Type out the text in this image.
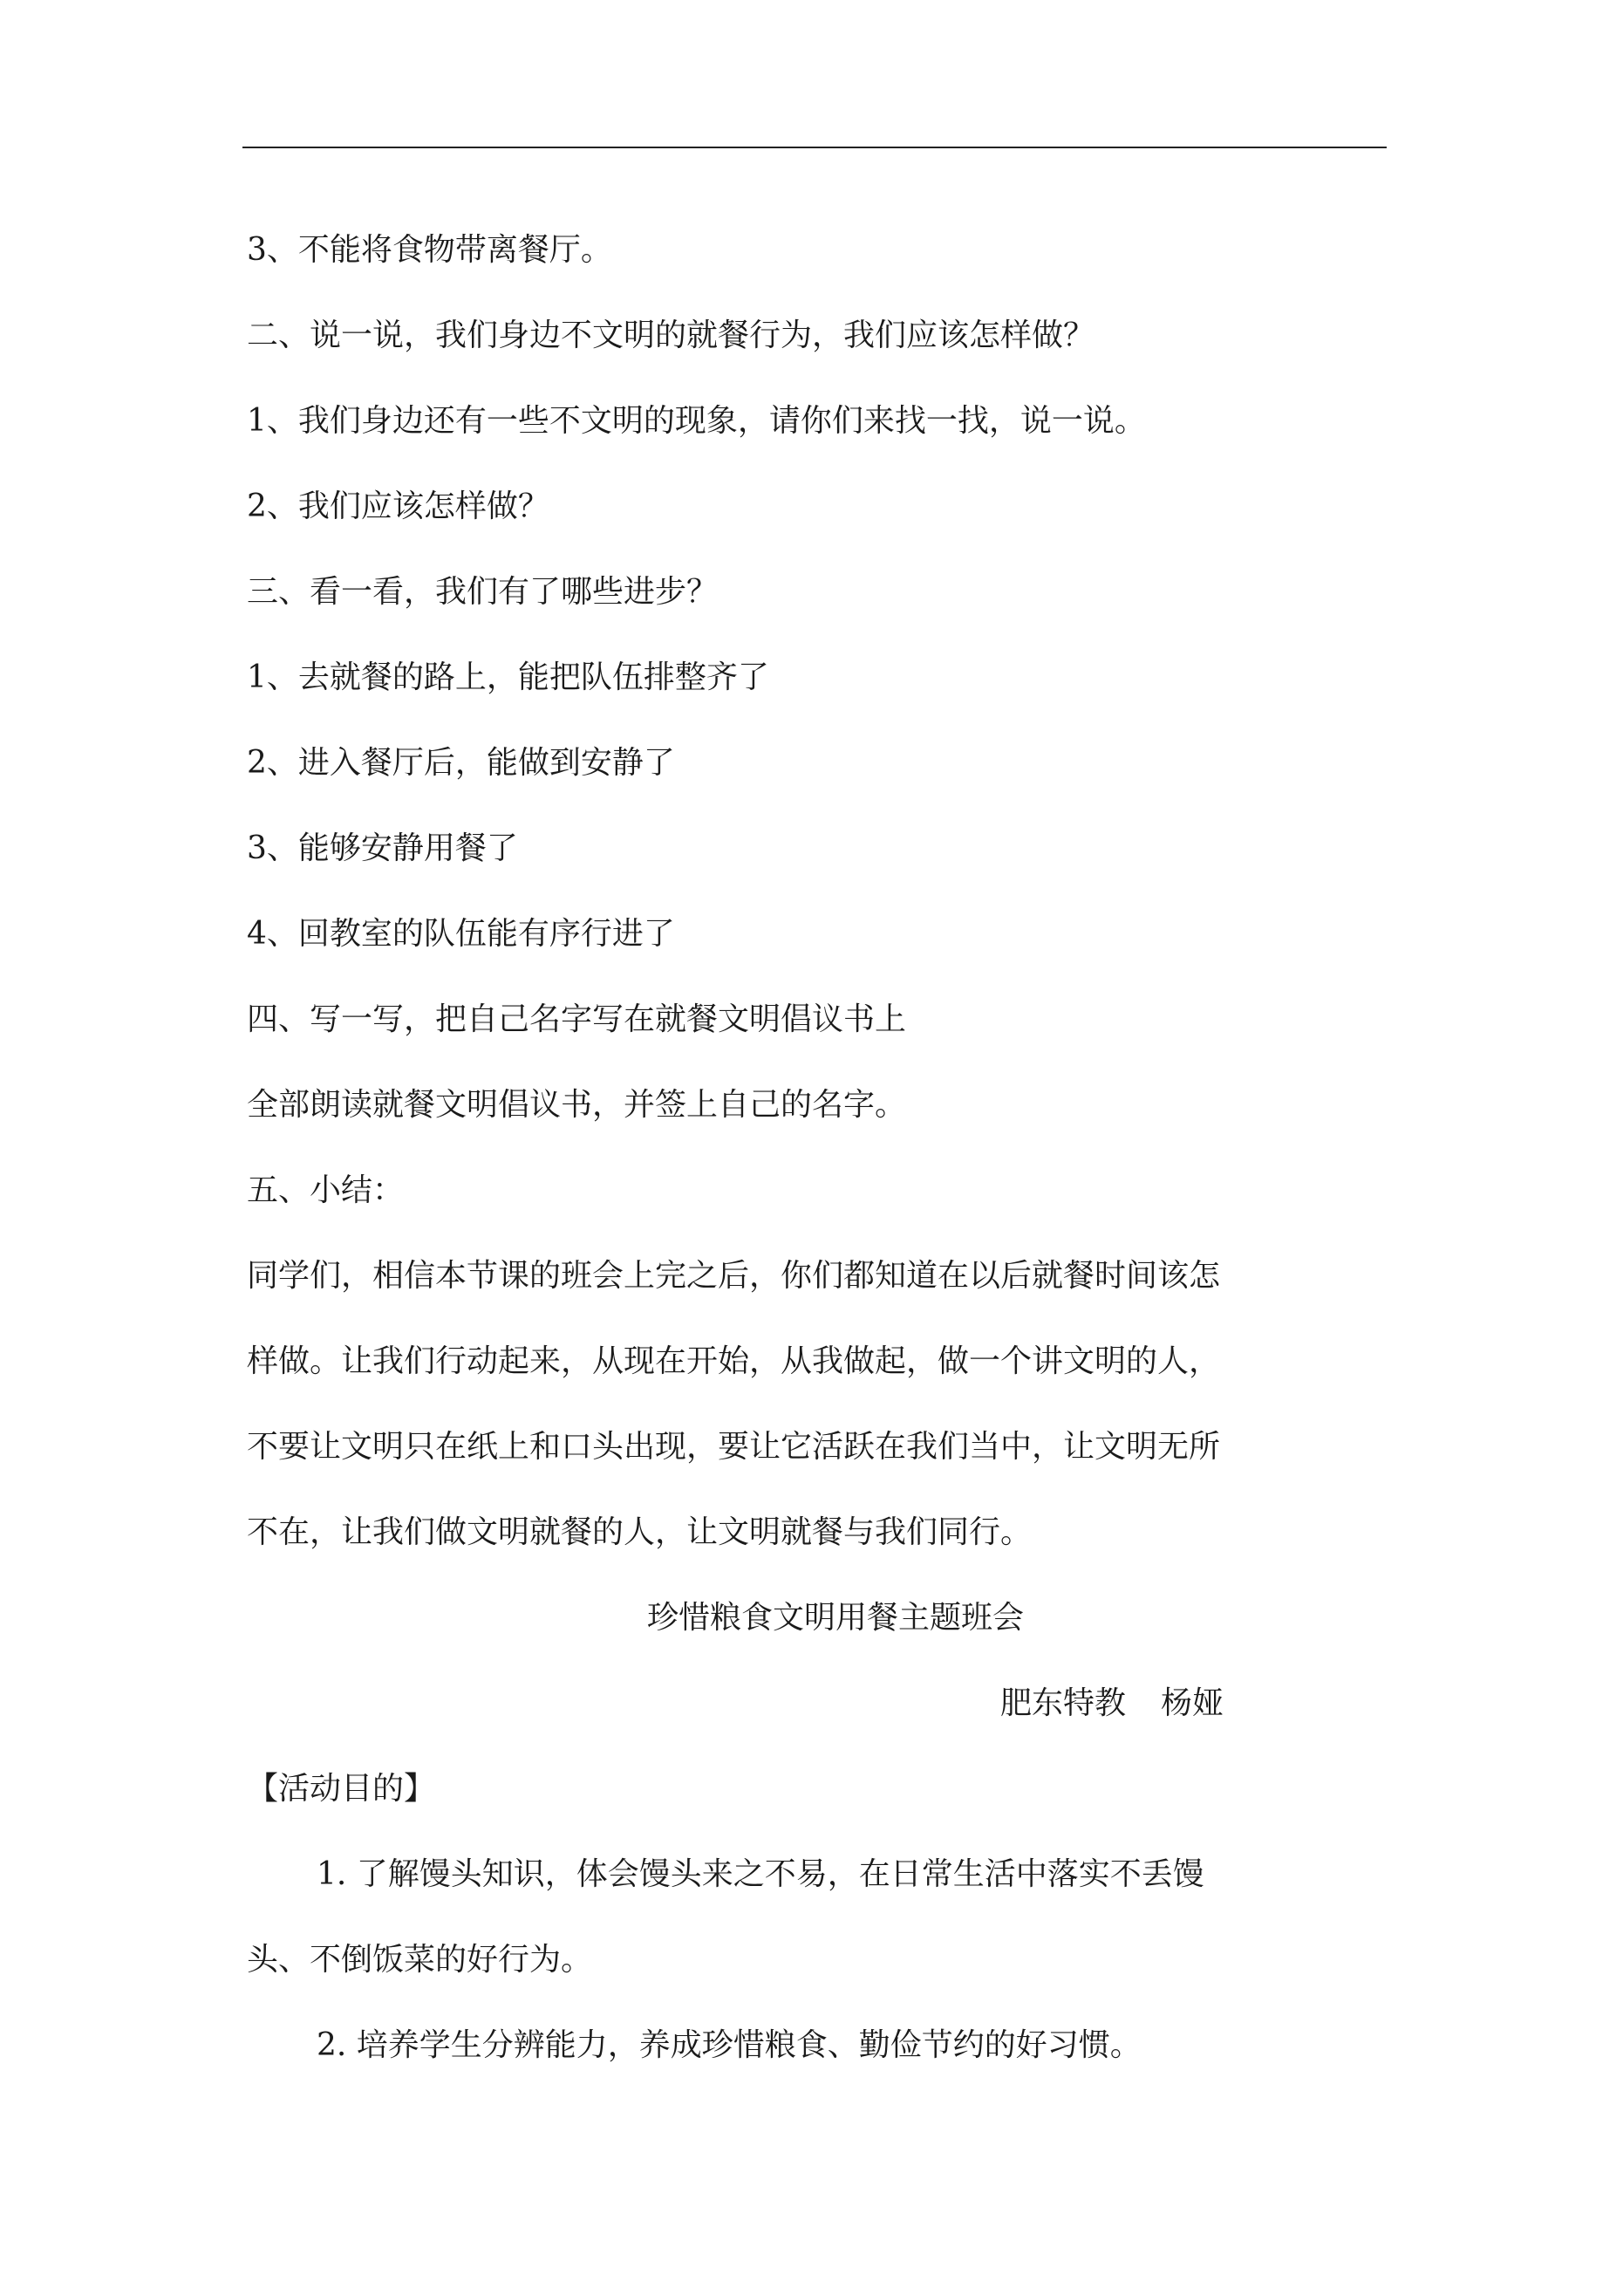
3、不能将食物带离餐厅。

二、说一说，我们身边不文明的就餐行为，我们应该怎样做？

1、我们身边还有一些不文明的现象，请你们来找一找，说一说。

2、我们应该怎样做？

三、看一看，我们有了哪些进步？

1、去就餐的路上，能把队伍排整齐了

2、进入餐厅后，能做到安静了

3、能够安静用餐了

4、回教室的队伍能有序行进了

四、写一写，把自己名字写在就餐文明倡议书上

全部朗读就餐文明倡议书，并签上自己的名字。

五、小结：

同学们，相信本节课的班会上完之后，你们都知道在以后就餐时间该怎

样做。让我们行动起来，从现在开始，从我做起，做一个讲文明的人，

不要让文明只在纸上和口头出现，要让它活跃在我们当中，让文明无所

不在，让我们做文明就餐的人，让文明就餐与我们同行。

珍惜粮食文明用餐主题班会

肥东特教 杨娅

【活动目的】

1. 了解馒头知识，体会馒头来之不易，在日常生活中落实不丢馒

头、不倒饭菜的好行为。

2. 培养学生分辨能力，养成珍惜粮食、勤俭节约的好习惯。
